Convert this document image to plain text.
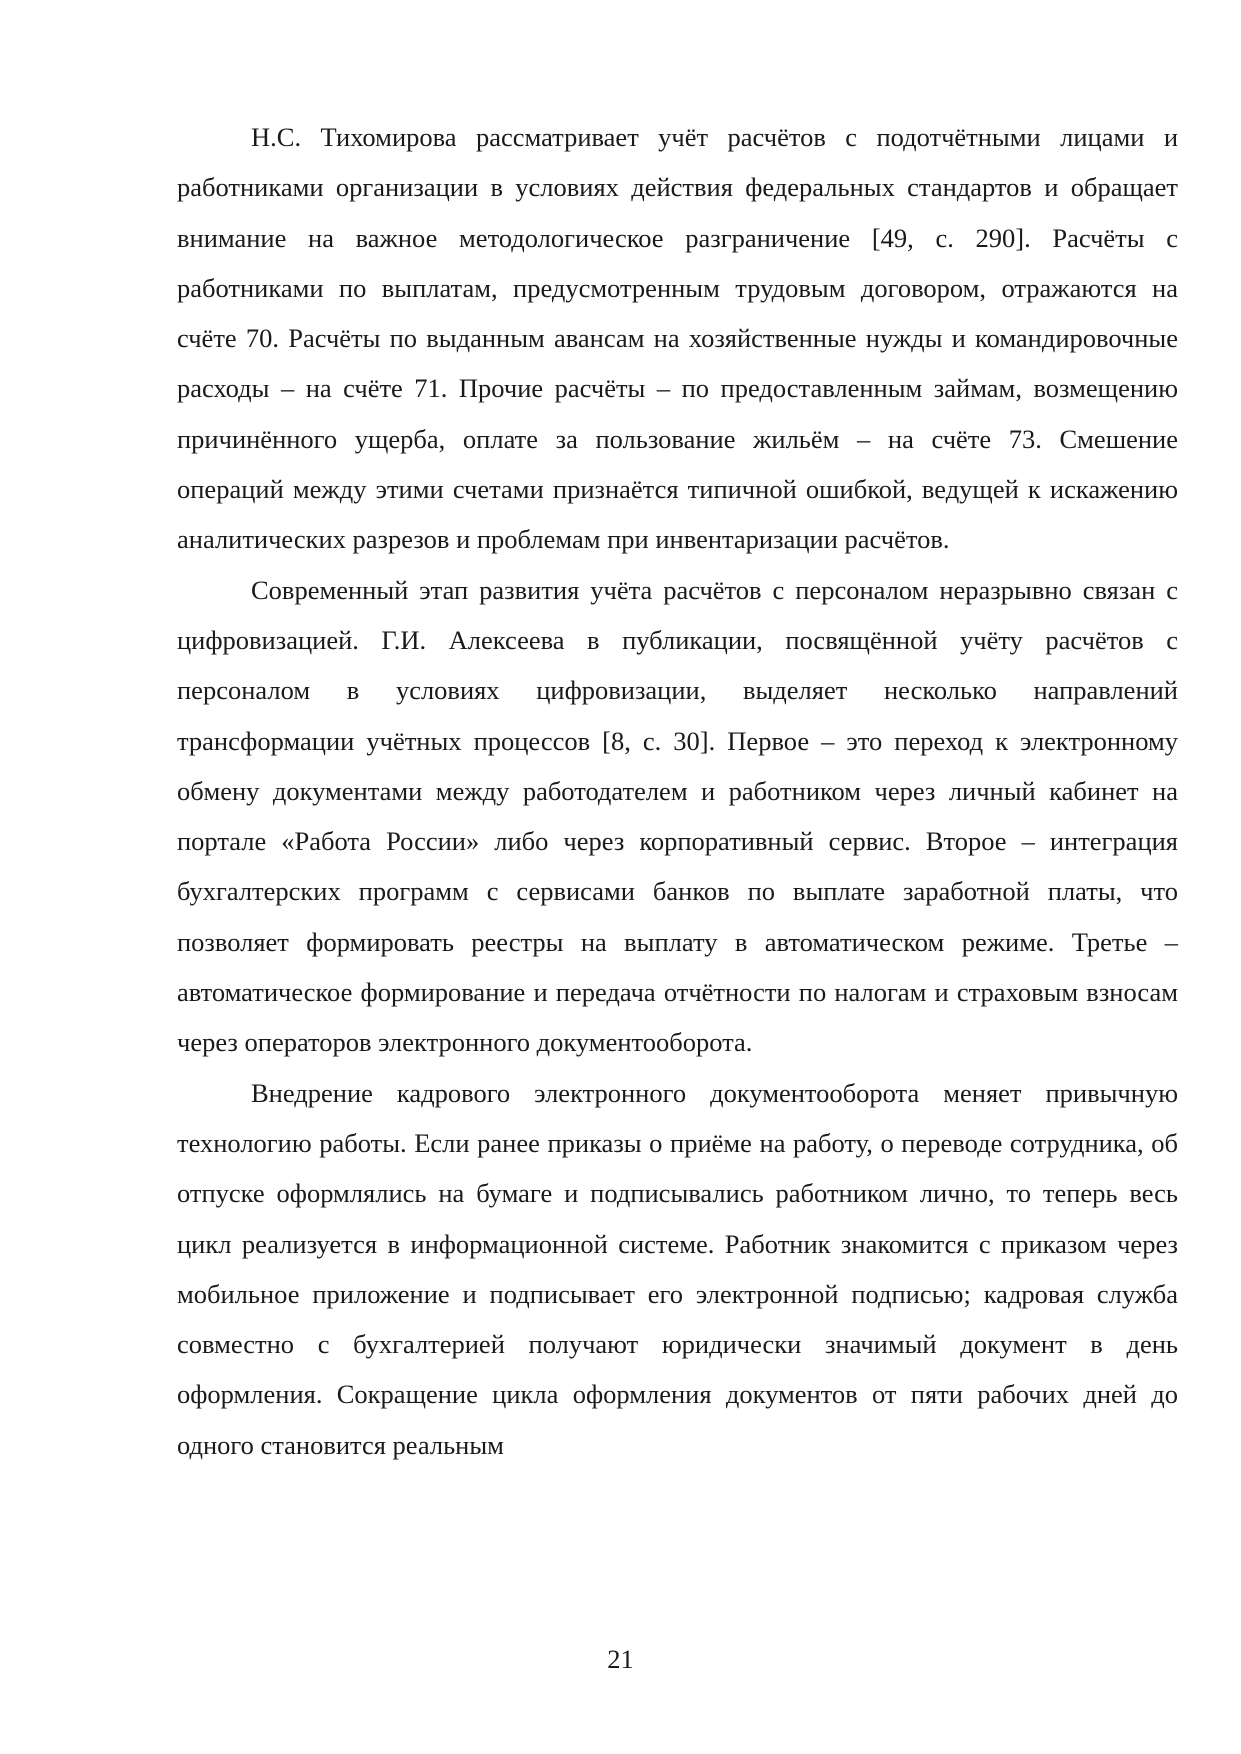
Н.С. Тихомирова рассматривает учёт расчётов с подотчётными лицами и работниками организации в условиях действия федеральных стандартов и обращает внимание на важное методологическое разграничение [49, с. 290]. Расчёты с работниками по выплатам, предусмотренным трудовым договором, отражаются на счёте 70. Расчёты по выданным авансам на хозяйственные нужды и командировочные расходы – на счёте 71. Прочие расчёты – по предоставленным займам, возмещению причинённого ущерба, оплате за пользование жильём – на счёте 73. Смешение операций между этими счетами признаётся типичной ошибкой, ведущей к искажению аналитических разрезов и проблемам при инвентаризации расчётов.

Современный этап развития учёта расчётов с персоналом неразрывно связан с цифровизацией. Г.И. Алексеева в публикации, посвящённой учёту расчётов с персоналом в условиях цифровизации, выделяет несколько направлений трансформации учётных процессов [8, с. 30]. Первое – это переход к электронному обмену документами между работодателем и работником через личный кабинет на портале «Работа России» либо через корпоративный сервис. Второе – интеграция бухгалтерских программ с сервисами банков по выплате заработной платы, что позволяет формировать реестры на выплату в автоматическом режиме. Третье – автоматическое формирование и передача отчётности по налогам и страховым взносам через операторов электронного документооборота.

Внедрение кадрового электронного документооборота меняет привычную технологию работы. Если ранее приказы о приёме на работу, о переводе сотрудника, об отпуске оформлялись на бумаге и подписывались работником лично, то теперь весь цикл реализуется в информационной системе. Работник знакомится с приказом через мобильное приложение и подписывает его электронной подписью; кадровая служба совместно с бухгалтерией получают юридически значимый документ в день оформления. Сокращение цикла оформления документов от пяти рабочих дней до одного становится реальным

21
